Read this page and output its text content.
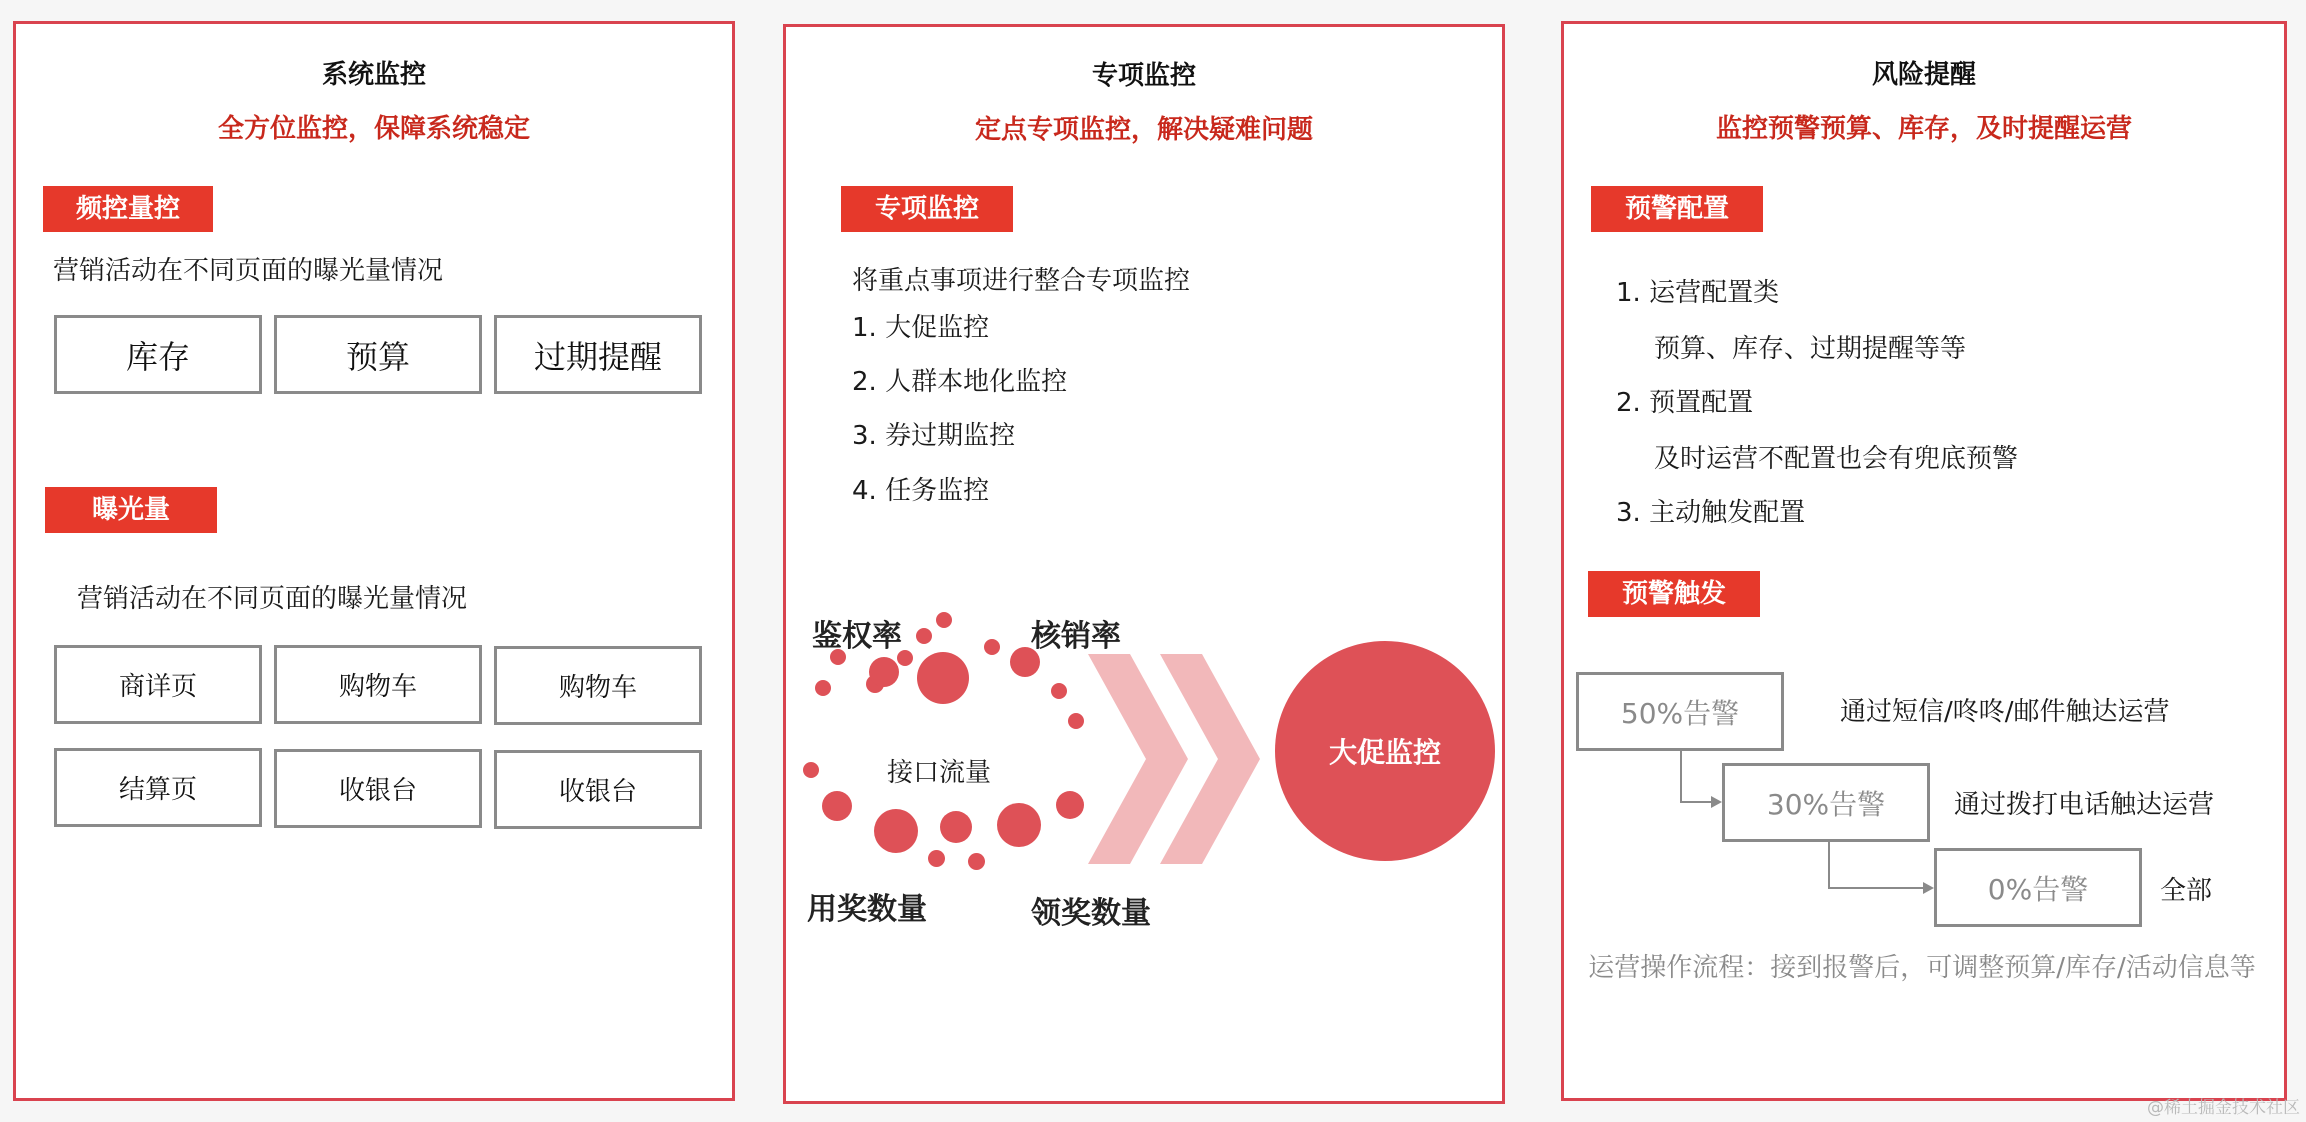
系统监控
全方位监控，保障系统稳定
频控量控
营销活动在不同页面的曝光量情况
库存	预算	过期提醒
曝光量
营销活动在不同页面的曝光量情况
商详页	购物车	购物车
结算页	收银台	收银台
专项监控
定点专项监控，解决疑难问题
专项监控
将重点事项进行整合专项监控
1. 大促监控
2. 人群本地化监控
3. 券过期监控
4. 任务监控
接口流量
鉴权率	核销率
用奖数量	领奖数量
大促监控
风险提醒
监控预警预算、库存，及时提醒运营
预警配置
1. 运营配置类
预算、库存、过期提醒等等
2. 预置配置
及时运营不配置也会有兜底预警
3. 主动触发配置
预警触发
50%告警	通过短信/咚咚/邮件触达运营
30%告警	通过拨打电话触达运营
0%告警	全部
运营操作流程：接到报警后，可调整预算/库存/活动信息等
@稀土掘金技术社区
